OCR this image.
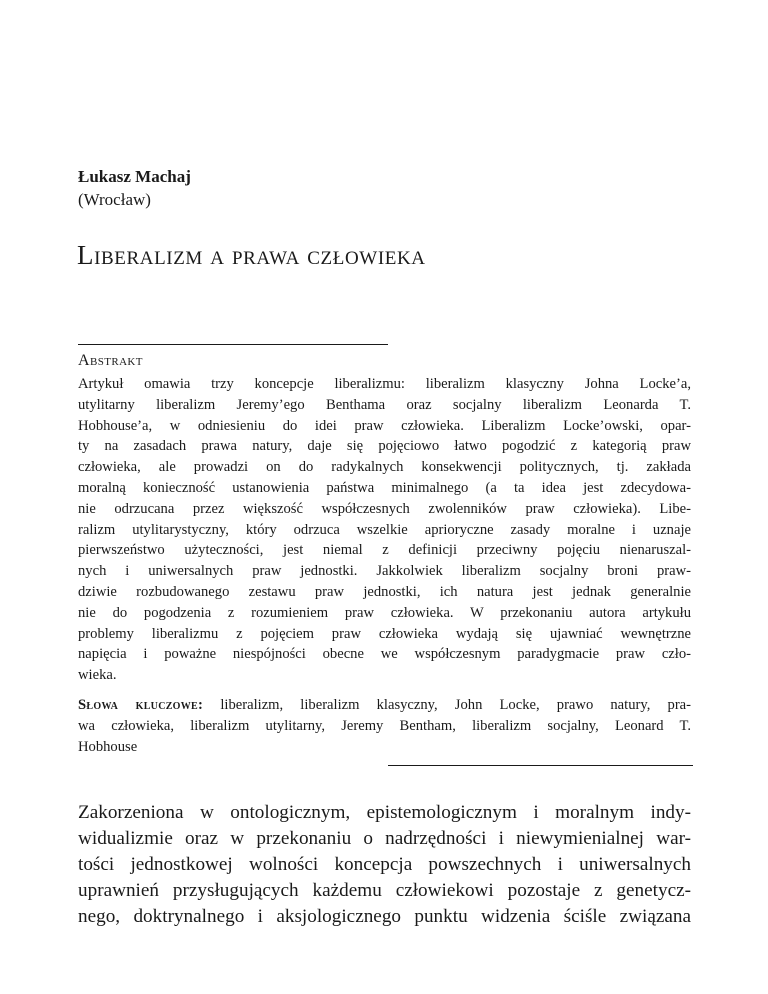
Łukasz Machaj
(Wrocław)
Liberalizm a prawa człowieka
Abstrakt
Artykuł omawia trzy koncepcje liberalizmu: liberalizm klasyczny Johna Locke’a,
utylitarny liberalizm Jeremy’ego Benthama oraz socjalny liberalizm Leonarda T.
Hobhouse’a, w odniesieniu do idei praw człowieka. Liberalizm Locke’owski, opar-
ty na zasadach prawa natury, daje się pojęciowo łatwo pogodzić z kategorią praw
człowieka, ale prowadzi on do radykalnych konsekwencji politycznych, tj. zakłada
moralną konieczność ustanowienia państwa minimalnego (a ta idea jest zdecydowa-
nie odrzucana przez większość współczesnych zwolenników praw człowieka). Libe-
ralizm utylitarystyczny, który odrzuca wszelkie aprioryczne zasady moralne i uznaje
pierwszeństwo użyteczności, jest niemal z definicji przeciwny pojęciu nienaruszal-
nych i uniwersalnych praw jednostki. Jakkolwiek liberalizm socjalny broni praw-
dziwie rozbudowanego zestawu praw jednostki, ich natura jest jednak generalnie
nie do pogodzenia z rozumieniem praw człowieka. W przekonaniu autora artykułu
problemy liberalizmu z pojęciem praw człowieka wydają się ujawniać wewnętrzne
napięcia i poważne niespójności obecne we współczesnym paradygmacie praw czło-
wieka.
Słowa kluczowe: liberalizm, liberalizm klasyczny, John Locke, prawo natury, pra-
wa człowieka, liberalizm utylitarny, Jeremy Bentham, liberalizm socjalny, Leonard T.
Hobhouse
Zakorzeniona w ontologicznym, epistemologicznym i moralnym indy-
widualizmie oraz w przekonaniu o nadrzędności i niewymienialnej war-
tości jednostkowej wolności koncepcja powszechnych i uniwersalnych
uprawnień przysługujących każdemu człowiekowi pozostaje z genetycz-
nego, doktrynalnego i aksjologicznego punktu widzenia ściśle związana
